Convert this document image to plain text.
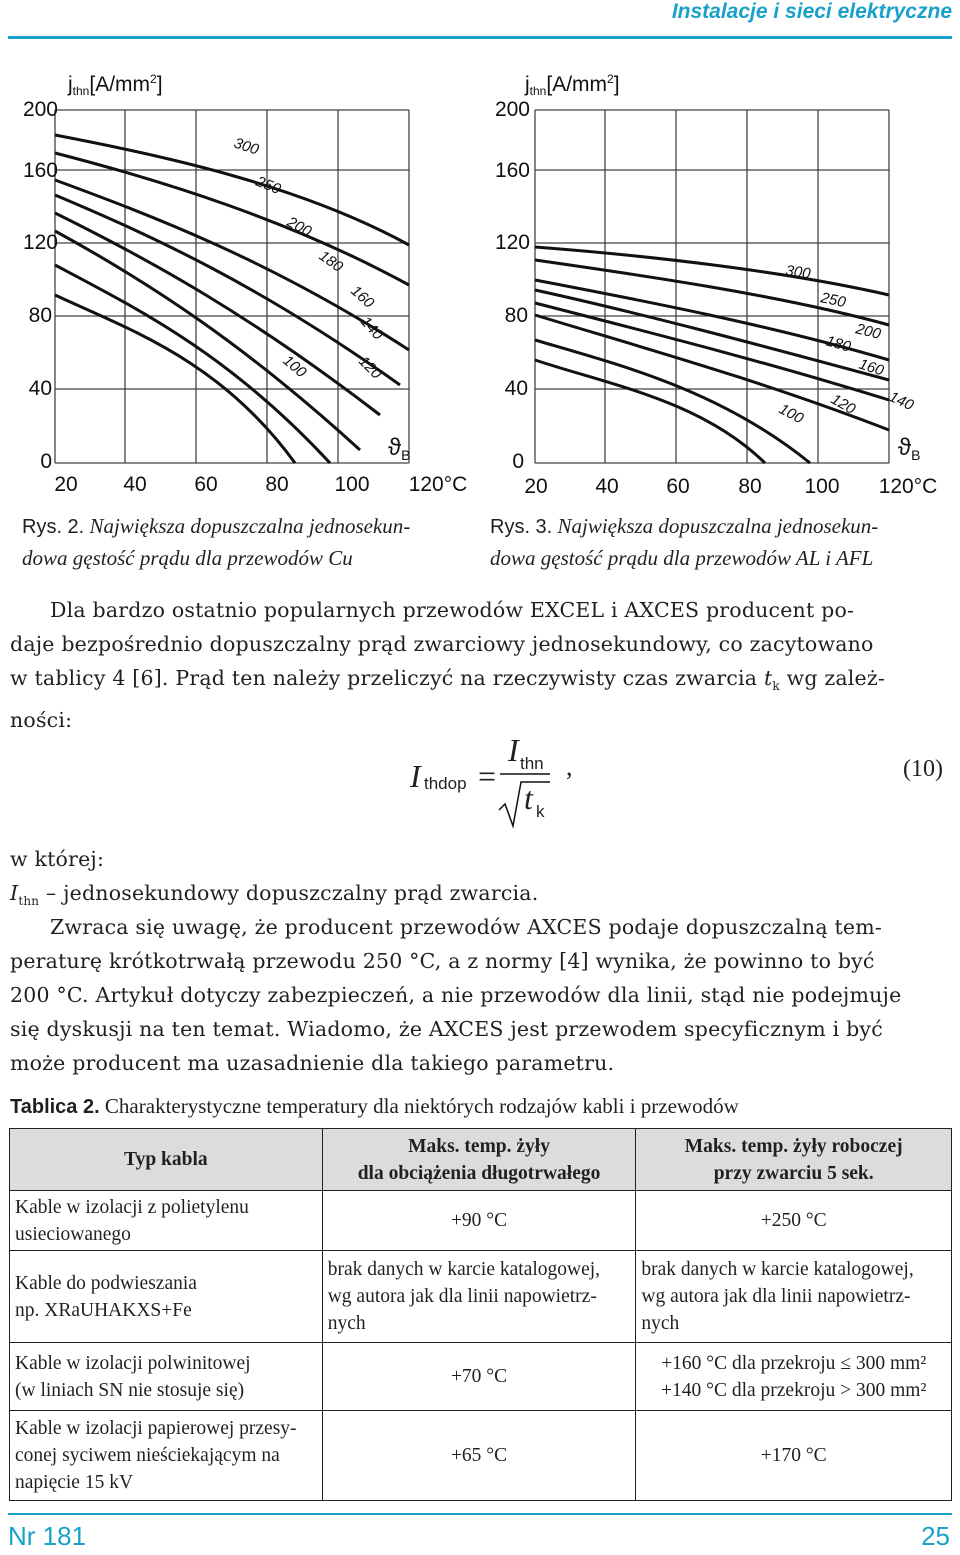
Instalacje i sieci elektryczne
300
250
200
180
160
140
100	120
0
40
80
120
160
200
20 40 60 80 100 120°C
$jthn[A/mm^2]$
$ϑ_B$
300
250
200
180
160
140
100 120
0
40
80
120
160
200
20 40 60 80 100 120°C
$jthn[A/mm^2]$
$ϑ_B$
Rys. 2. Największa dopuszczalna jednosekun-
dowa gęstość prądu dla przewodów Cu
Rys. 3. Największa dopuszczalna jednosekun-
dowa gęstość prądu dla przewodów AL i AFL
Dla bardzo ostatnio popularnych przewodów EXCEL i AXCES producent po-
daje bezpośrednio dopuszczalny prąd zwarciowy jednosekundowy, co zacytowano
w tablicy 4 [6]. Prąd ten należy przeliczyć na rzeczywisty czas zwarcia $t_k$ wg zależ-
ności:
I thdop =
I thn
t k
,	(10)
w której:
$I_{thn}$ – jednosekundowy dopuszczalny prąd zwarcia.
Zwraca się uwagę, że producent przewodów AXCES podaje dopuszczalną tem-
peraturę krótkotrwałą przewodu 250 °C, a z normy [4] wynika, że powinno to być
200 °C. Artykuł dotyczy zabezpieczeń, a nie przewodów dla linii, stąd nie podejmuje
się dyskusji na ten temat. Wiadomo, że AXCES jest przewodem specyficznym i być
może producent ma uzasadnienie dla takiego parametru.
Tablica 2. Charakterystyczne temperatury dla niektórych rodzajów kabli i przewodów
Typ kabla	Maks. temp. żyły
dla obciążenia długotrwałego	Maks. temp. żyły roboczej
przy zwarciu 5 sek.
Kable w izolacji z polietylenu
usieciowanego	+90 °C	+250 °C
Kable do podwieszania
np. XRaUHAKXS+Fe	brak danych w karcie katalogowej,
wg autora jak dla linii napowietrz-
nych	brak danych w karcie katalogowej,
wg autora jak dla linii napowietrz-
nych
Kable w izolacji polwinitowej
(w liniach SN nie stosuje się)	+70 °C	+160 °C dla przekroju ≤ 300 mm²
+140 °C dla przekroju > 300 mm²
Kable w izolacji papierowej przesy-
conej syciwem nieściekającym na
napięcie 15 kV	+65 °C	+170 °C
Nr 181	25
